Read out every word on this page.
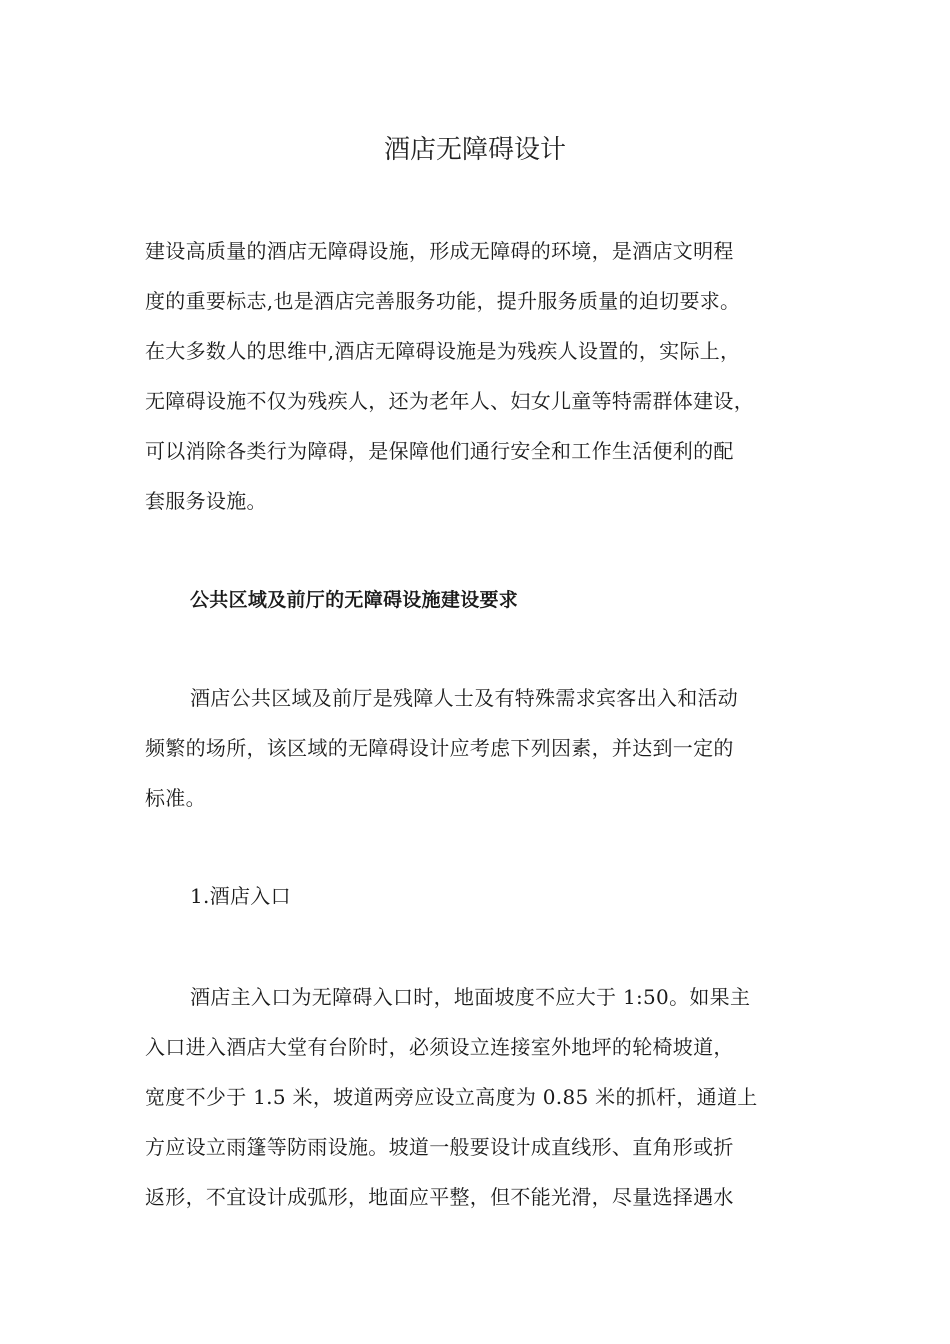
酒店无障碍设计
建设高质量的酒店无障碍设施，形成无障碍的环境，是酒店文明程
度的重要标志,也是酒店完善服务功能，提升服务质量的迫切要求。
在大多数人的思维中,酒店无障碍设施是为残疾人设置的，实际上，
无障碍设施不仅为残疾人，还为老年人、妇女儿童等特需群体建设，
可以消除各类行为障碍，是保障他们通行安全和工作生活便利的配
套服务设施。
公共区域及前厅的无障碍设施建设要求
酒店公共区域及前厅是残障人士及有特殊需求宾客出入和活动
频繁的场所，该区域的无障碍设计应考虑下列因素，并达到一定的
标准。
1.酒店入口
酒店主入口为无障碍入口时，地面坡度不应大于 1:50。如果主
入口进入酒店大堂有台阶时，必须设立连接室外地坪的轮椅坡道，
宽度不少于 1.5 米，坡道两旁应设立高度为 0.85 米的抓杆，通道上
方应设立雨篷等防雨设施。坡道一般要设计成直线形、直角形或折
返形，不宜设计成弧形，地面应平整，但不能光滑，尽量选择遇水
